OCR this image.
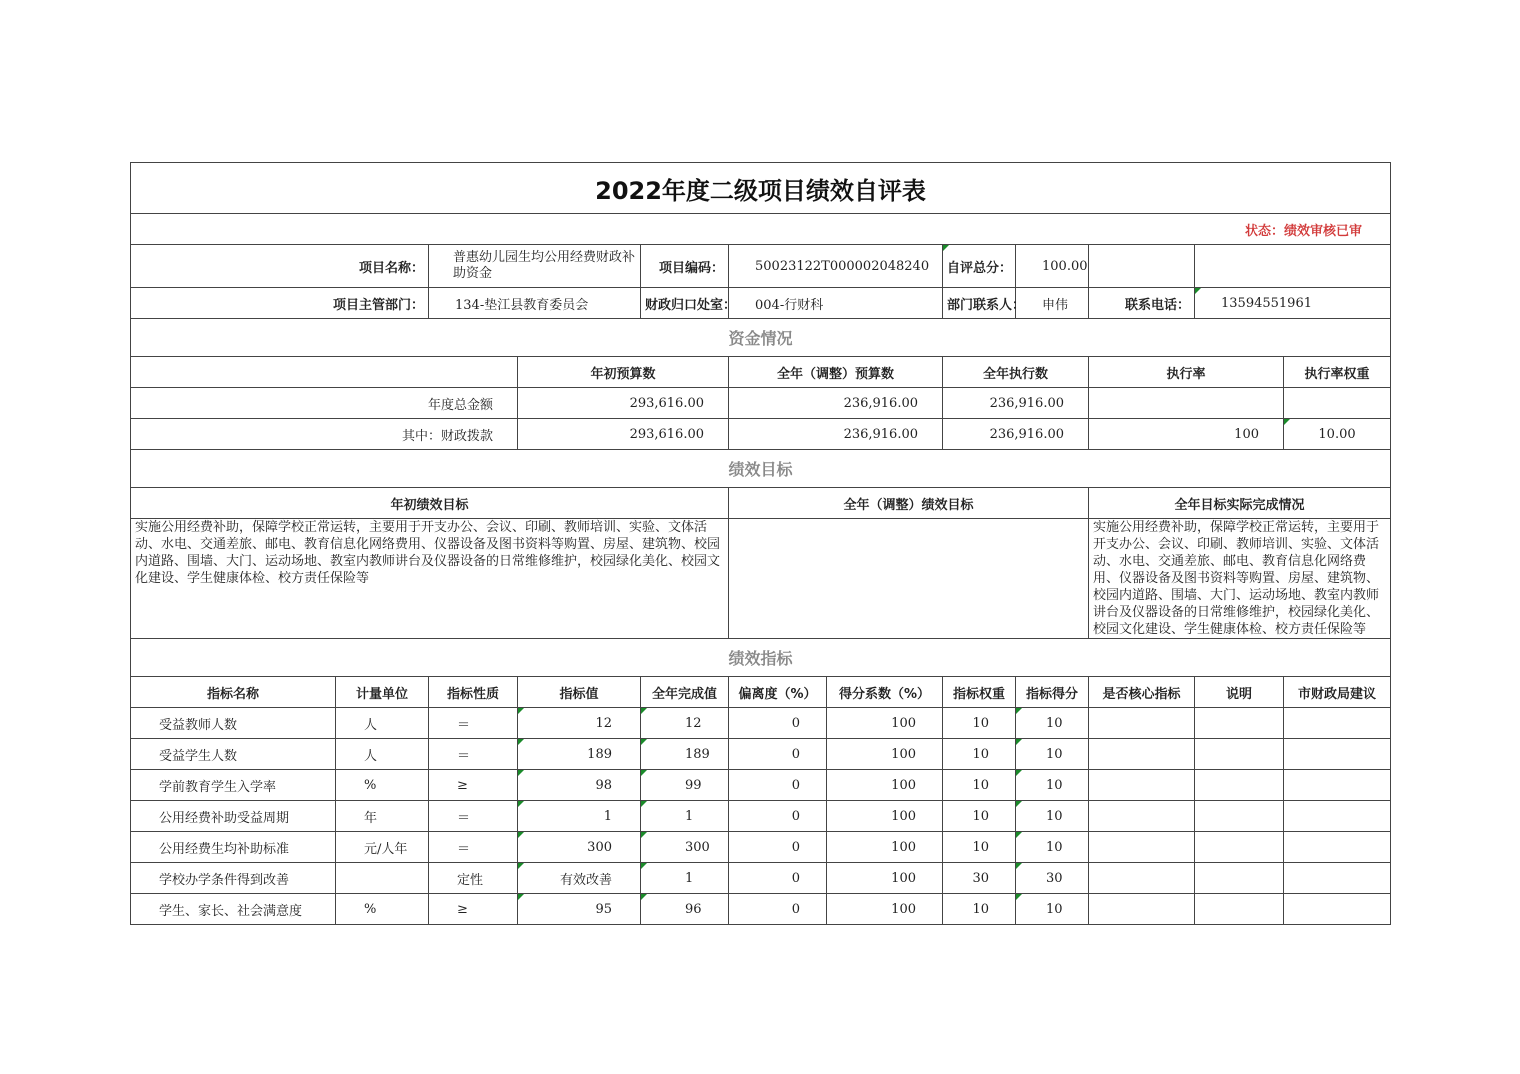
2022年度二级项目绩效自评表												
状态：绩效审核已审												
项目名称：		普惠幼儿园生均公用经费财政补助资金		项目编码：	50023122T000002048240		自评总分：	100.00				
项目主管部门：		134-垫江县教育委员会		财政归口处室：	004-行财科		部门联系人：	申伟	联系电话：	13594551961		
资金情况												
			年初预算数		全年（调整）预算数		全年执行数		执行率		执行率权重	
年度总金额			293,616.00		236,916.00		236,916.00					
其中：财政拨款			293,616.00		236,916.00		236,916.00		100		10.00	
绩效目标												
年初绩效目标					全年（调整）绩效目标				全年目标实际完成情况			
实施公用经费补助，保障学校正常运转，主要用于开支办公、会议、印刷、教师培训、实验、文体活动、水电、交通差旅、邮电、教育信息化网络费用、仪器设备及图书资料等购置、房屋、建筑物、校园内道路、围墙、大门、运动场地、教室内教师讲台及仪器设备的日常维修维护，校园绿化美化、校园文化建设、学生健康体检、校方责任保险等									实施公用经费补助，保障学校正常运转，主要用于开支办公、会议、印刷、教师培训、实验、文体活动、水电、交通差旅、邮电、教育信息化网络费用、仪器设备及图书资料等购置、房屋、建筑物、校园内道路、围墙、大门、运动场地、教室内教师讲台及仪器设备的日常维修维护，校园绿化美化、校园文化建设、学生健康体检、校方责任保险等			
绩效指标												
指标名称	计量单位	指标性质	指标值	全年完成值	偏离度（%）	得分系数（%）	指标权重	指标得分	是否核心指标	说明	市财政局建议	
受益教师人数	人	＝	12	12	0	100	10	10				
受益学生人数	人	＝	189	189	0	100	10	10				
学前教育学生入学率	%	≥	98	99	0	100	10	10				
公用经费补助受益周期	年	＝	1	1	0	100	10	10				
公用经费生均补助标准	元/人年	＝	300	300	0	100	10	10				
学校办学条件得到改善		定性	有效改善	1	0	100	30	30				
学生、家长、社会满意度	%	≥	95	96	0	100	10	10				
